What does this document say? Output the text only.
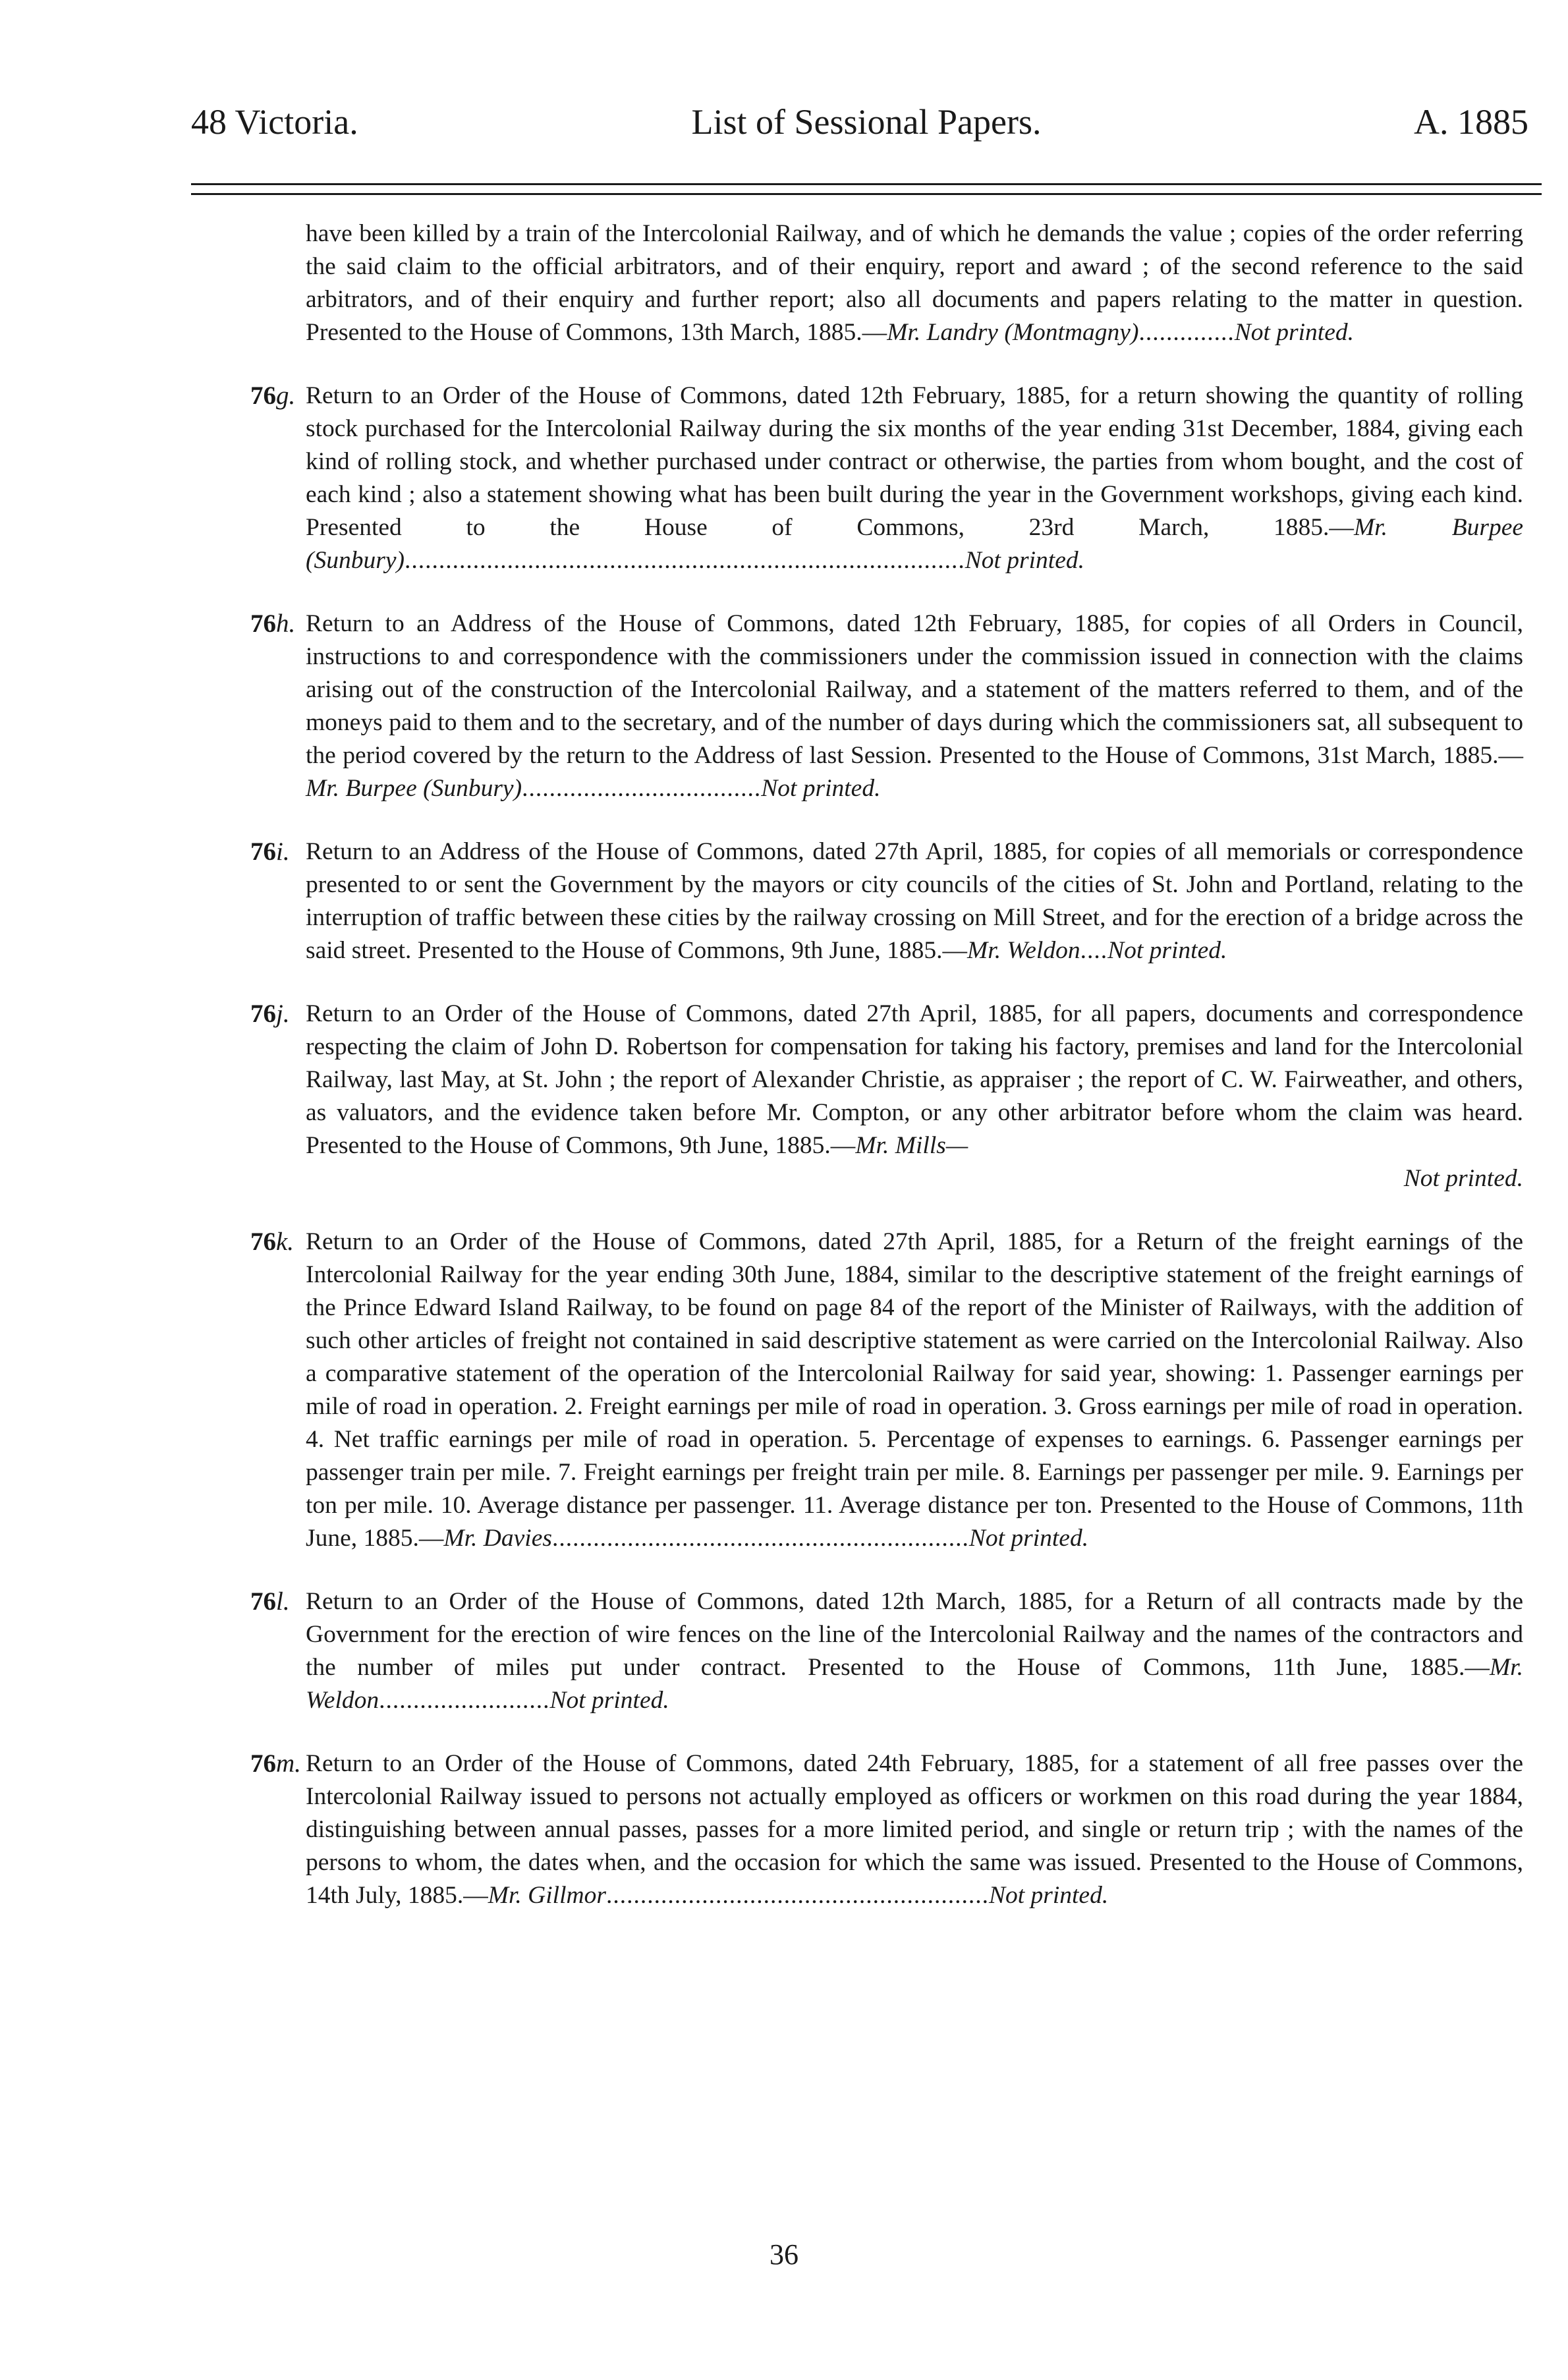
48 Victoria.	List of Sessional Papers.	A. 1885

have been killed by a train of the Intercolonial Railway, and of which he demands the value ; copies of the order referring the said claim to the official arbitrators, and of their enquiry, report and award ; of the second reference to the said arbitrators, and of their enquiry and further report; also all documents and papers relating to the matter in question. Presented to the House of Commons, 13th March, 1885.—Mr. Landry (Montmagny)..............Not printed.

76g. Return to an Order of the House of Commons, dated 12th February, 1885, for a return showing the quantity of rolling stock purchased for the Intercolonial Railway during the six months of the year ending 31st December, 1884, giving each kind of rolling stock, and whether purchased under contract or otherwise, the parties from whom bought, and the cost of each kind ; also a statement showing what has been built during the year in the Government workshops, giving each kind. Presented to the House of Commons, 23rd March, 1885.—Mr. Burpee (Sunbury)..................................................................................Not printed.

76h. Return to an Address of the House of Commons, dated 12th February, 1885, for copies of all Orders in Council, instructions to and correspondence with the commissioners under the commission issued in connection with the claims arising out of the construction of the Intercolonial Railway, and a statement of the matters referred to them, and of the moneys paid to them and to the secretary, and of the number of days during which the commissioners sat, all subsequent to the period covered by the return to the Address of last Session. Presented to the House of Commons, 31st March, 1885.—Mr. Burpee (Sunbury)...................................Not printed.

76i. Return to an Address of the House of Commons, dated 27th April, 1885, for copies of all memorials or correspondence presented to or sent the Government by the mayors or city councils of the cities of St. John and Portland, relating to the interruption of traffic between these cities by the railway crossing on Mill Street, and for the erection of a bridge across the said street. Presented to the House of Commons, 9th June, 1885.—Mr. Weldon....Not printed.

76j. Return to an Order of the House of Commons, dated 27th April, 1885, for all papers, documents and correspondence respecting the claim of John D. Robertson for compensation for taking his factory, premises and land for the Intercolonial Railway, last May, at St. John ; the report of Alexander Christie, as appraiser ; the report of C. W. Fairweather, and others, as valuators, and the evidence taken before Mr. Compton, or any other arbitrator before whom the claim was heard. Presented to the House of Commons, 9th June, 1885.—Mr. Mills—
Not printed.

76k. Return to an Order of the House of Commons, dated 27th April, 1885, for a Return of the freight earnings of the Intercolonial Railway for the year ending 30th June, 1884, similar to the descriptive statement of the freight earnings of the Prince Edward Island Railway, to be found on page 84 of the report of the Minister of Railways, with the addition of such other articles of freight not contained in said descriptive statement as were carried on the Intercolonial Railway. Also a comparative statement of the operation of the Intercolonial Railway for said year, showing: 1. Passenger earnings per mile of road in operation. 2. Freight earnings per mile of road in operation. 3. Gross earnings per mile of road in operation. 4. Net traffic earnings per mile of road in operation. 5. Percentage of expenses to earnings. 6. Passenger earnings per passenger train per mile. 7. Freight earnings per freight train per mile. 8. Earnings per passenger per mile. 9. Earnings per ton per mile. 10. Average distance per passenger. 11. Average distance per ton. Presented to the House of Commons, 11th June, 1885.—Mr. Davies.............................................................Not printed.

76l. Return to an Order of the House of Commons, dated 12th March, 1885, for a Return of all contracts made by the Government for the erection of wire fences on the line of the Intercolonial Railway and the names of the contractors and the number of miles put under contract. Presented to the House of Commons, 11th June, 1885.—Mr. Weldon.........................Not printed.

76m. Return to an Order of the House of Commons, dated 24th February, 1885, for a statement of all free passes over the Intercolonial Railway issued to persons not actually employed as officers or workmen on this road during the year 1884, distinguishing between annual passes, passes for a more limited period, and single or return trip ; with the names of the persons to whom, the dates when, and the occasion for which the same was issued. Presented to the House of Commons, 14th July, 1885.—Mr. Gillmor........................................................Not printed.

36
